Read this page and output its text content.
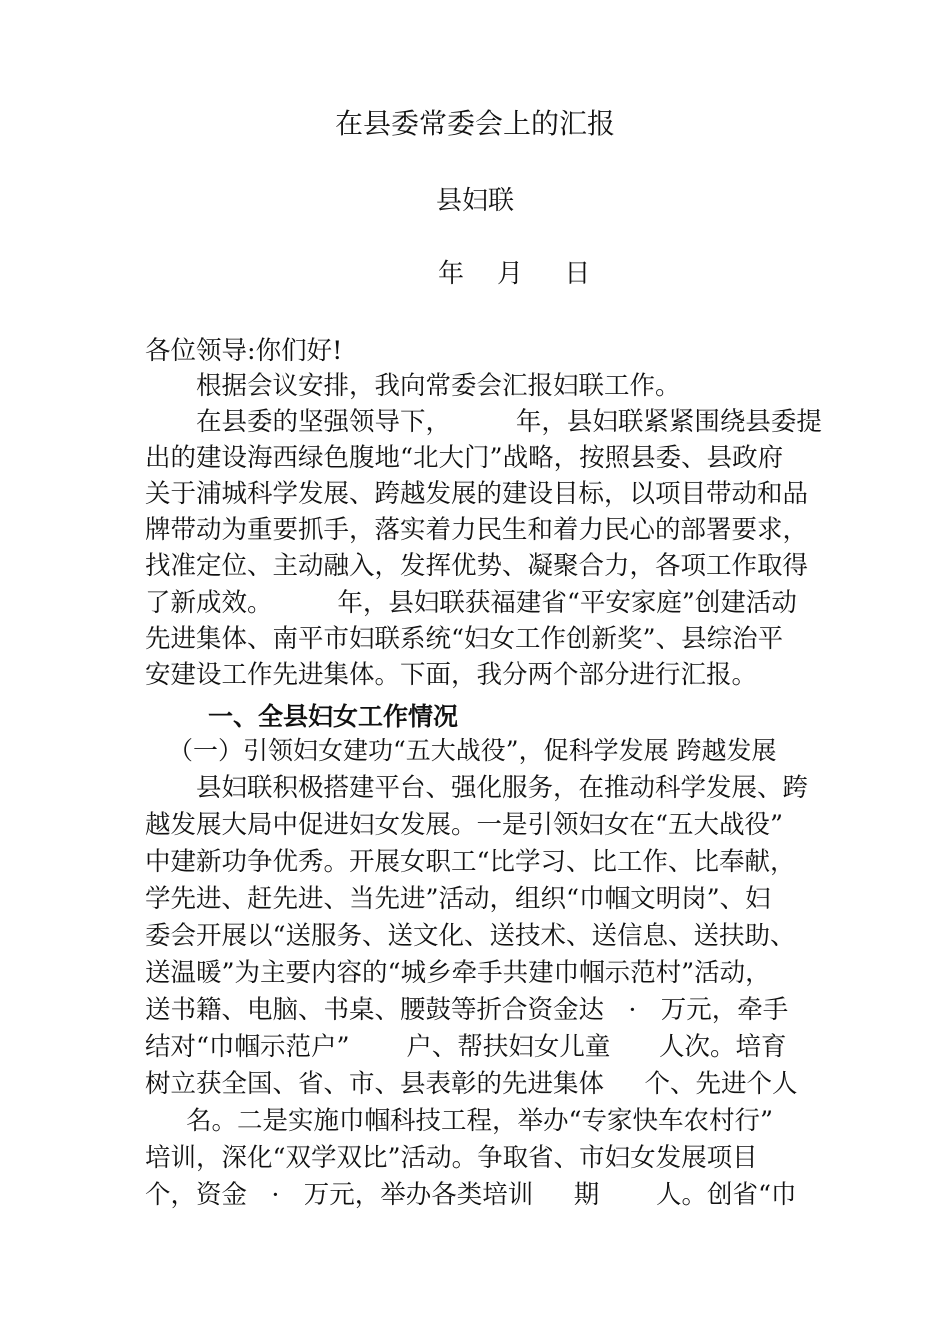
在县委常委会上的汇报
县妇联
年    月     日
各位领导:你们好!
根据会议安排，我向常委会汇报妇联工作。
在县委的坚强领导下，        年，县妇联紧紧围绕县委提
出的建设海西绿色腹地“北大门”战略，按照县委、县政府
关于浦城科学发展、跨越发展的建设目标，以项目带动和品
牌带动为重要抓手，落实着力民生和着力民心的部署要求，
找准定位、主动融入，发挥优势、凝聚合力，各项工作取得
了新成效。        年，县妇联获福建省“平安家庭”创建活动
先进集体、南平市妇联系统“妇女工作创新奖”、县综治平
安建设工作先进集体。下面，我分两个部分进行汇报。
一、全县妇女工作情况
（一）引领妇女建功“五大战役”，促科学发展 跨越发展
县妇联积极搭建平台、强化服务，在推动科学发展、跨
越发展大局中促进妇女发展。一是引领妇女在“五大战役”
中建新功争优秀。开展女职工“比学习、比工作、比奉献，
学先进、赶先进、当先进”活动，组织“巾帼文明岗”、妇
委会开展以“送服务、送文化、送技术、送信息、送扶助、
送温暖”为主要内容的“城乡牵手共建巾帼示范村”活动，
送书籍、电脑、书桌、腰鼓等折合资金达   ·   万元，牵手
结对“巾帼示范户”       户、帮扶妇女儿童      人次。培育
树立获全国、省、市、县表彰的先进集体     个、先进个人
名。二是实施巾帼科技工程，举办“专家快车农村行”
培训，深化“双学双比”活动。争取省、市妇女发展项目
个，资金   ·   万元，举办各类培训     期       人。创省“巾
